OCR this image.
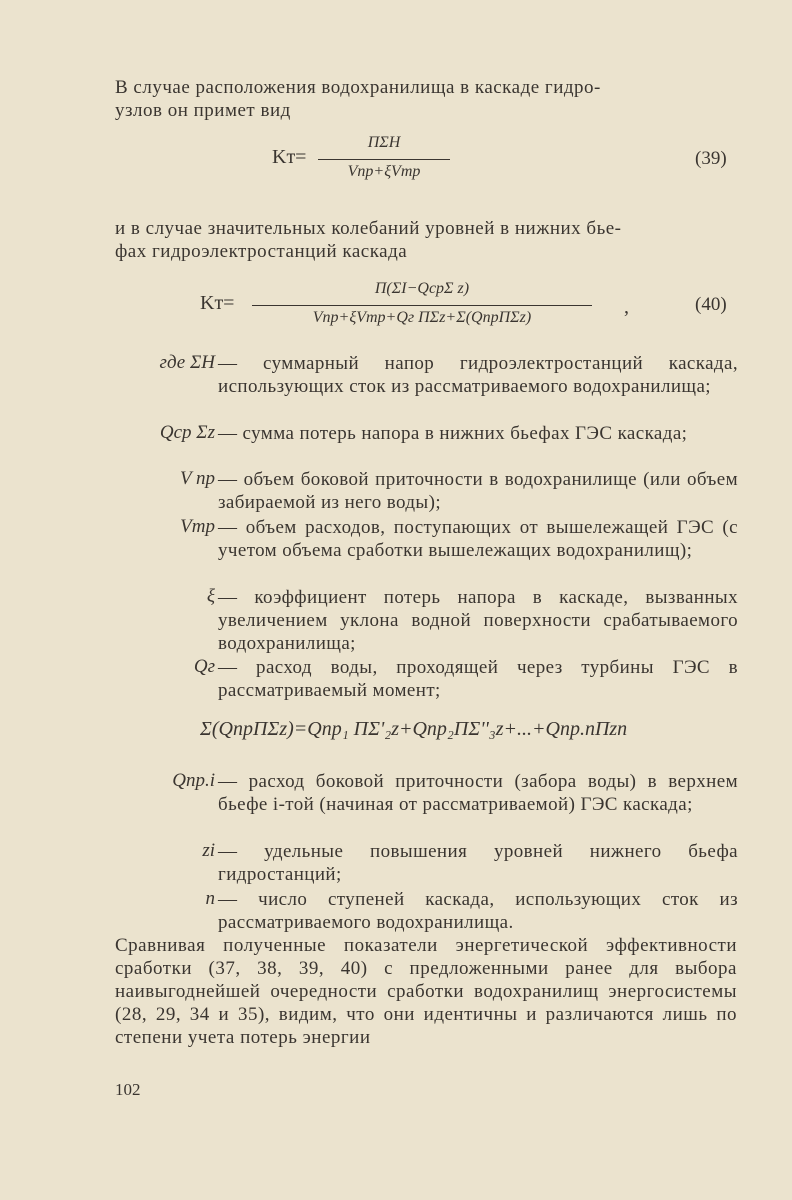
В случае расположения водохранилища в каскаде гидро-
узлов он примет вид
Kт=
ПΣH
Vпр+ξVтр
(39)
и в случае значительных колебаний уровней в нижних бье-
фах гидроэлектростанций каскада
Kт=
П(ΣI−QсрΣ z)
Vпр+ξVтр+Qг ПΣz+Σ(QпрПΣz)	,	(40)
где ΣH — суммарный напор гидроэлектростанций каскада, использующих сток из рассматриваемого водохранилища;
Qср Σz — сумма потерь напора в нижних бьефах ГЭС каскада;
V пр — объем боковой приточности в водохранилище (или объем забираемой из него воды);
Vтр — объем расходов, поступающих от вышележащей ГЭС (с учетом объема сработки вышележащих водохранилищ);
ξ — коэффициент потерь напора в каскаде, вызванных увеличением уклона водной поверхности срабатываемого водохранилища;
Qг — расход воды, проходящей через турбины ГЭС в рассматриваемый момент;
Σ(QпрПΣz)=Qпр₁ ПΣ'₂z+Qпр₂ПΣ''₃z+...+Qпр.nПzn
Qпр.i — расход боковой приточности (забора воды) в верхнем бьефе i-той (начиная от рассматриваемой) ГЭС каскада;
zi — удельные повышения уровней нижнего бьефа гидростанций;
n — число ступеней каскада, использующих сток из рассматриваемого водохранилища.
Сравнивая полученные показатели энергетической эффективности сработки (37, 38, 39, 40) с предложенными ранее для выбора наивыгоднейшей очередности сработки водохранилищ энергосистемы (28, 29, 34 и 35), видим, что они идентичны и различаются лишь по степени учета потерь энергии
102
